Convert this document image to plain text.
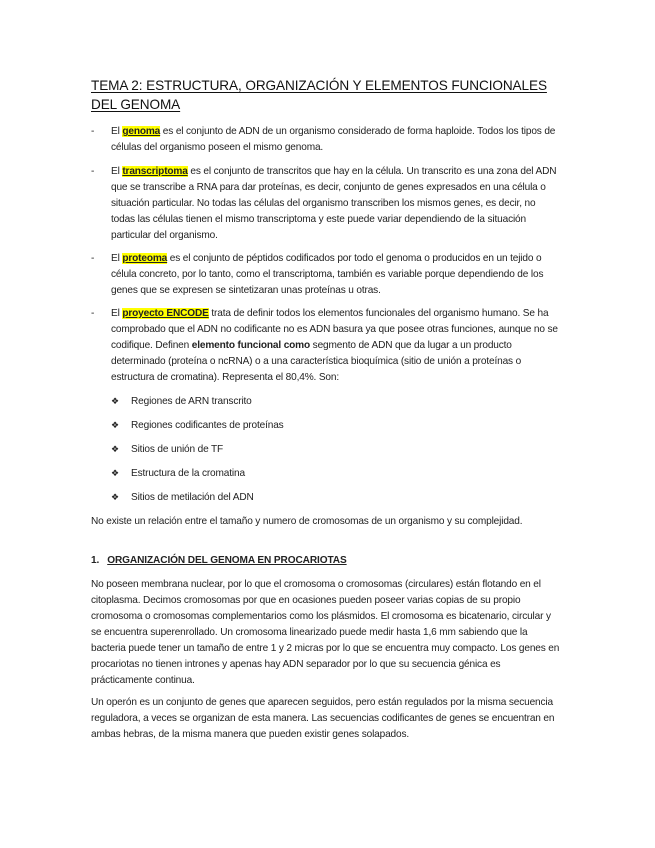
TEMA 2: ESTRUCTURA, ORGANIZACIÓN Y ELEMENTOS FUNCIONALES DEL GENOMA
- El genoma es el conjunto de ADN de un organismo considerado de forma haploide. Todos los tipos de células del organismo poseen el mismo genoma.
- El transcriptoma es el conjunto de transcritos que hay en la célula. Un transcrito es una zona del ADN que se transcribe a RNA para dar proteínas, es decir, conjunto de genes expresados en una célula o situación particular. No todas las células del organismo transcriben los mismos genes, es decir, no todas las células tienen el mismo transcriptoma y este puede variar dependiendo de la situación particular del organismo.
- El proteoma es el conjunto de péptidos codificados por todo el genoma o producidos en un tejido o célula concreto, por lo tanto, como el transcriptoma, también es variable porque dependiendo de los genes que se expresen se sintetizaran unas proteínas u otras.
- El proyecto ENCODE trata de definir todos los elementos funcionales del organismo humano. Se ha comprobado que el ADN no codificante no es ADN basura ya que posee otras funciones, aunque no se codifique. Definen elemento funcional como segmento de ADN que da lugar a un producto determinado (proteína o ncRNA) o a una característica bioquímica (sitio de unión a proteínas o estructura de cromatina). Representa el 80,4%. Son:
❖ Regiones de ARN transcrito
❖ Regiones codificantes de proteínas
❖ Sitios de unión de TF
❖ Estructura de la cromatina
❖ Sitios de metilación del ADN
No existe un relación entre el tamaño y numero de cromosomas de un organismo y su complejidad.
1. ORGANIZACIÓN DEL GENOMA EN PROCARIOTAS
No poseen membrana nuclear, por lo que el cromosoma o cromosomas (circulares) están flotando en el citoplasma. Decimos cromosomas por que en ocasiones pueden poseer varias copias de su propio cromosoma o cromosomas complementarios como los plásmidos. El cromosoma es bicatenario, circular y se encuentra superenrollado. Un cromosoma linearizado puede medir hasta 1,6 mm sabiendo que la bacteria puede tener un tamaño de entre 1 y 2 micras por lo que se encuentra muy compacto. Los genes en procariotas no tienen intrones y apenas hay ADN separador por lo que su secuencia génica es prácticamente continua.
Un operón es un conjunto de genes que aparecen seguidos, pero están regulados por la misma secuencia reguladora, a veces se organizan de esta manera. Las secuencias codificantes de genes se encuentran en ambas hebras, de la misma manera que pueden existir genes solapados.
